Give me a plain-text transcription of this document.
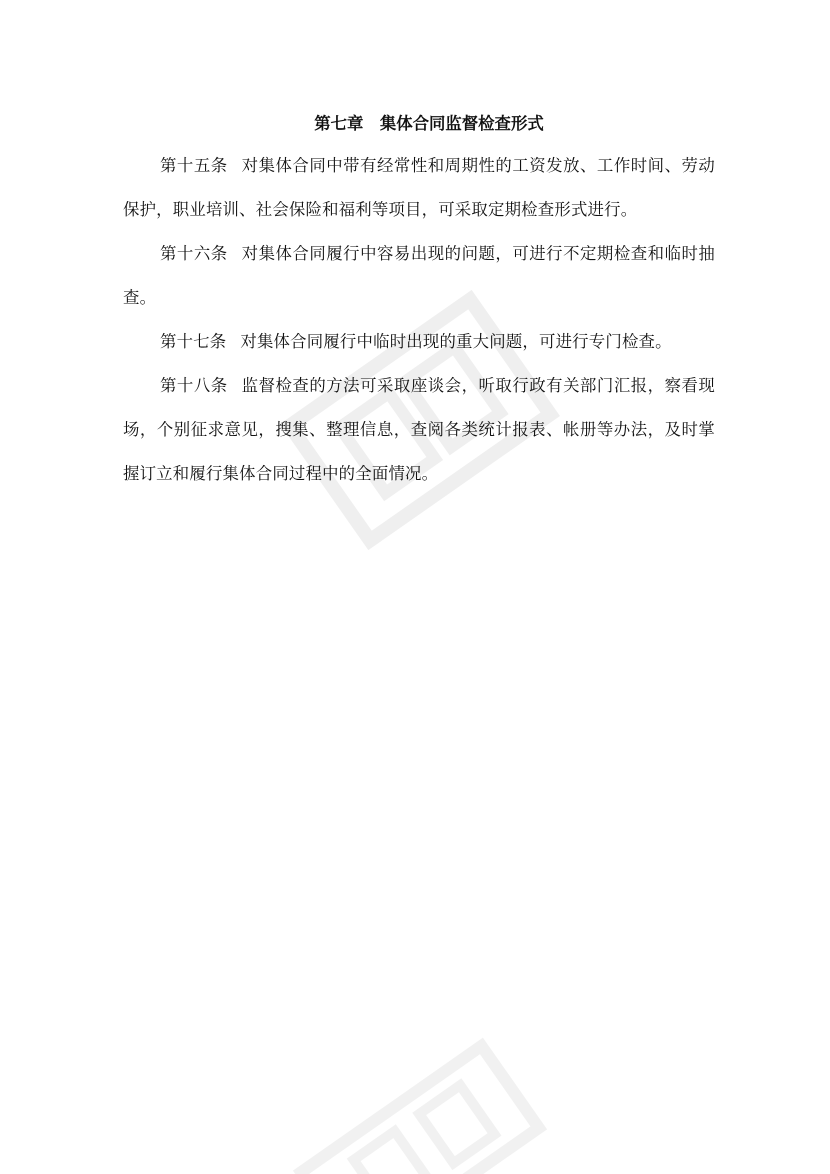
第七章　集体合同监督检查形式

第十五条 对集体合同中带有经常性和周期性的工资发放、工作时间、劳动保护，职业培训、社会保险和福利等项目，可采取定期检查形式进行。

第十六条 对集体合同履行中容易出现的问题，可进行不定期检查和临时抽查。

第十七条 对集体合同履行中临时出现的重大问题，可进行专门检查。

第十八条 监督检查的方法可采取座谈会，听取行政有关部门汇报，察看现场，个别征求意见，搜集、整理信息，查阅各类统计报表、帐册等办法，及时掌握订立和履行集体合同过程中的全面情况。
